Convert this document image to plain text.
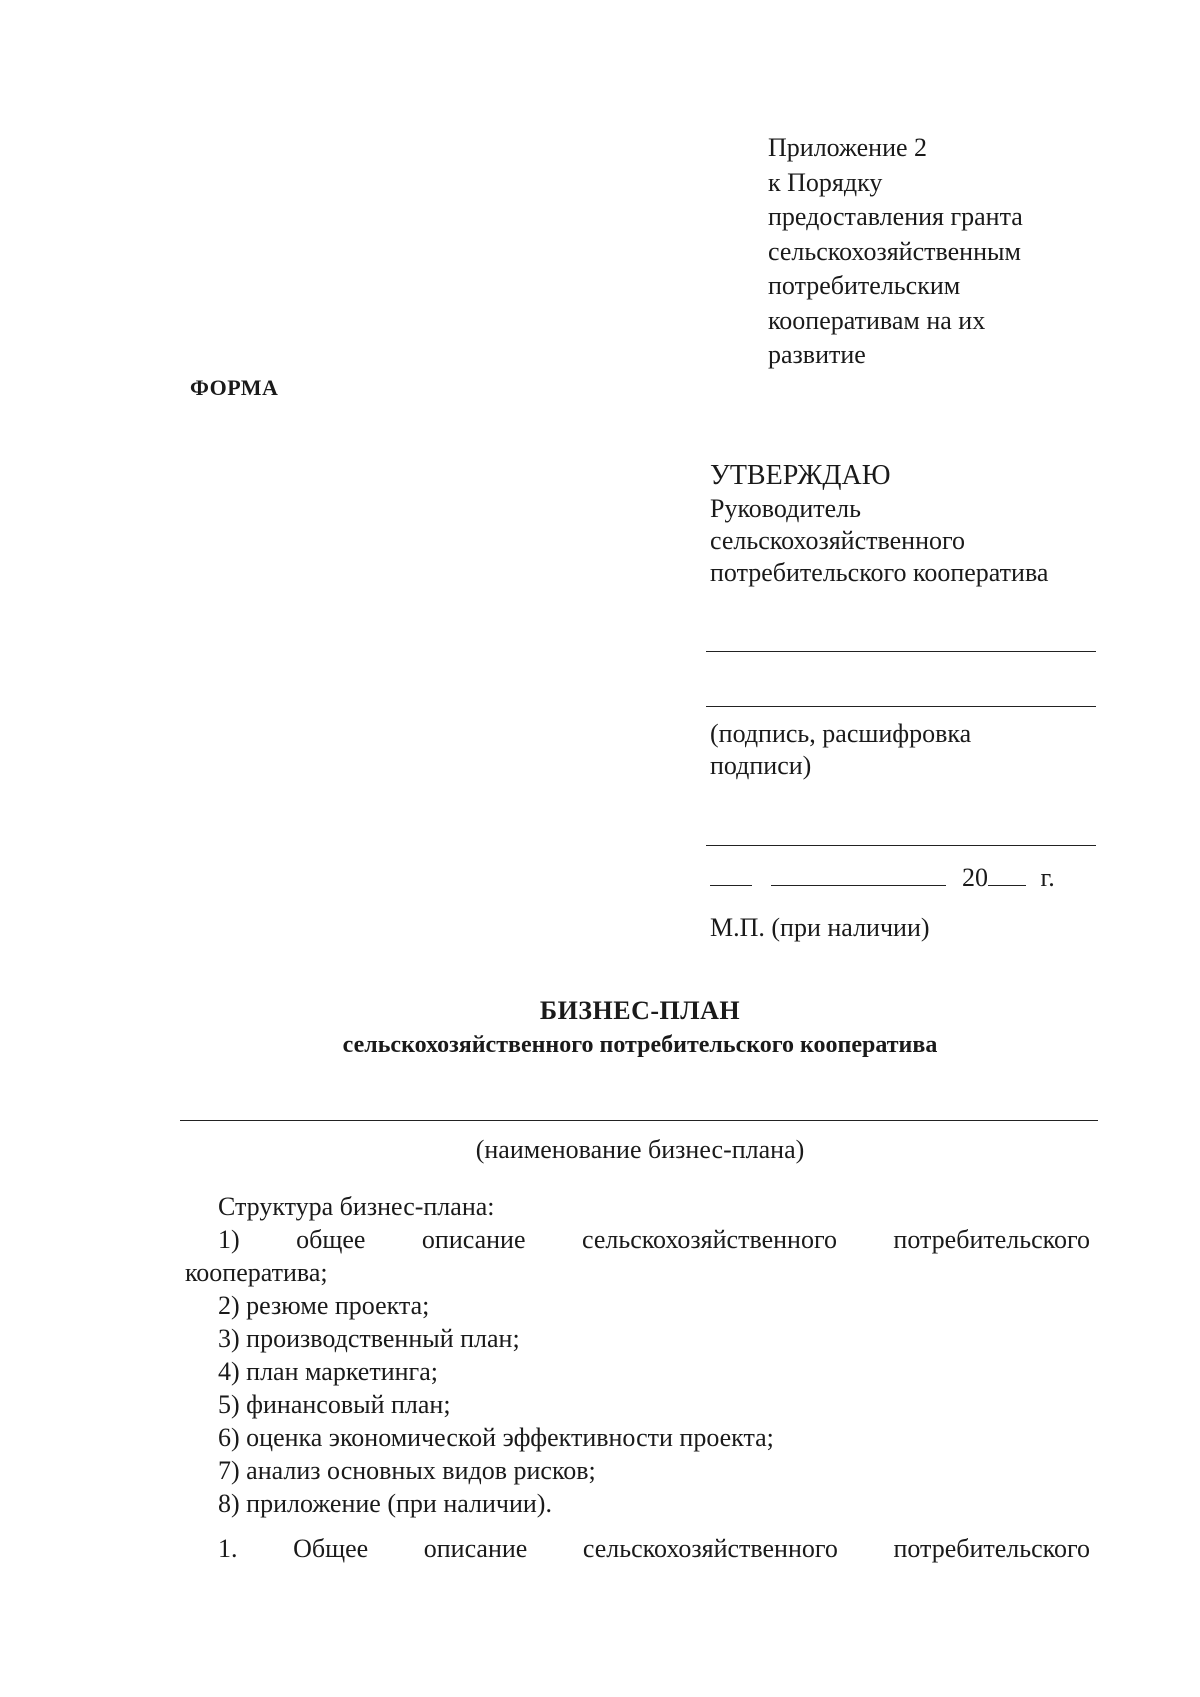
Приложение 2
к Порядку
предоставления гранта
сельскохозяйственным
потребительским
кооперативам на их
развитие
ФОРМА
УТВЕРЖДАЮ
Руководитель
сельскохозяйственного
потребительского кооператива
(подпись, расшифровка
подписи)
20 г.
М.П. (при наличии)
БИЗНЕС-ПЛАН
сельскохозяйственного потребительского кооператива
(наименование бизнес-плана)
Структура бизнес-плана:
1) общее описание сельскохозяйственного потребительского
кооператива;
2) резюме проекта;
3) производственный план;
4) план маркетинга;
5) финансовый план;
6) оценка экономической эффективности проекта;
7) анализ основных видов рисков;
8) приложение (при наличии).
1. Общее описание сельскохозяйственного потребительского
